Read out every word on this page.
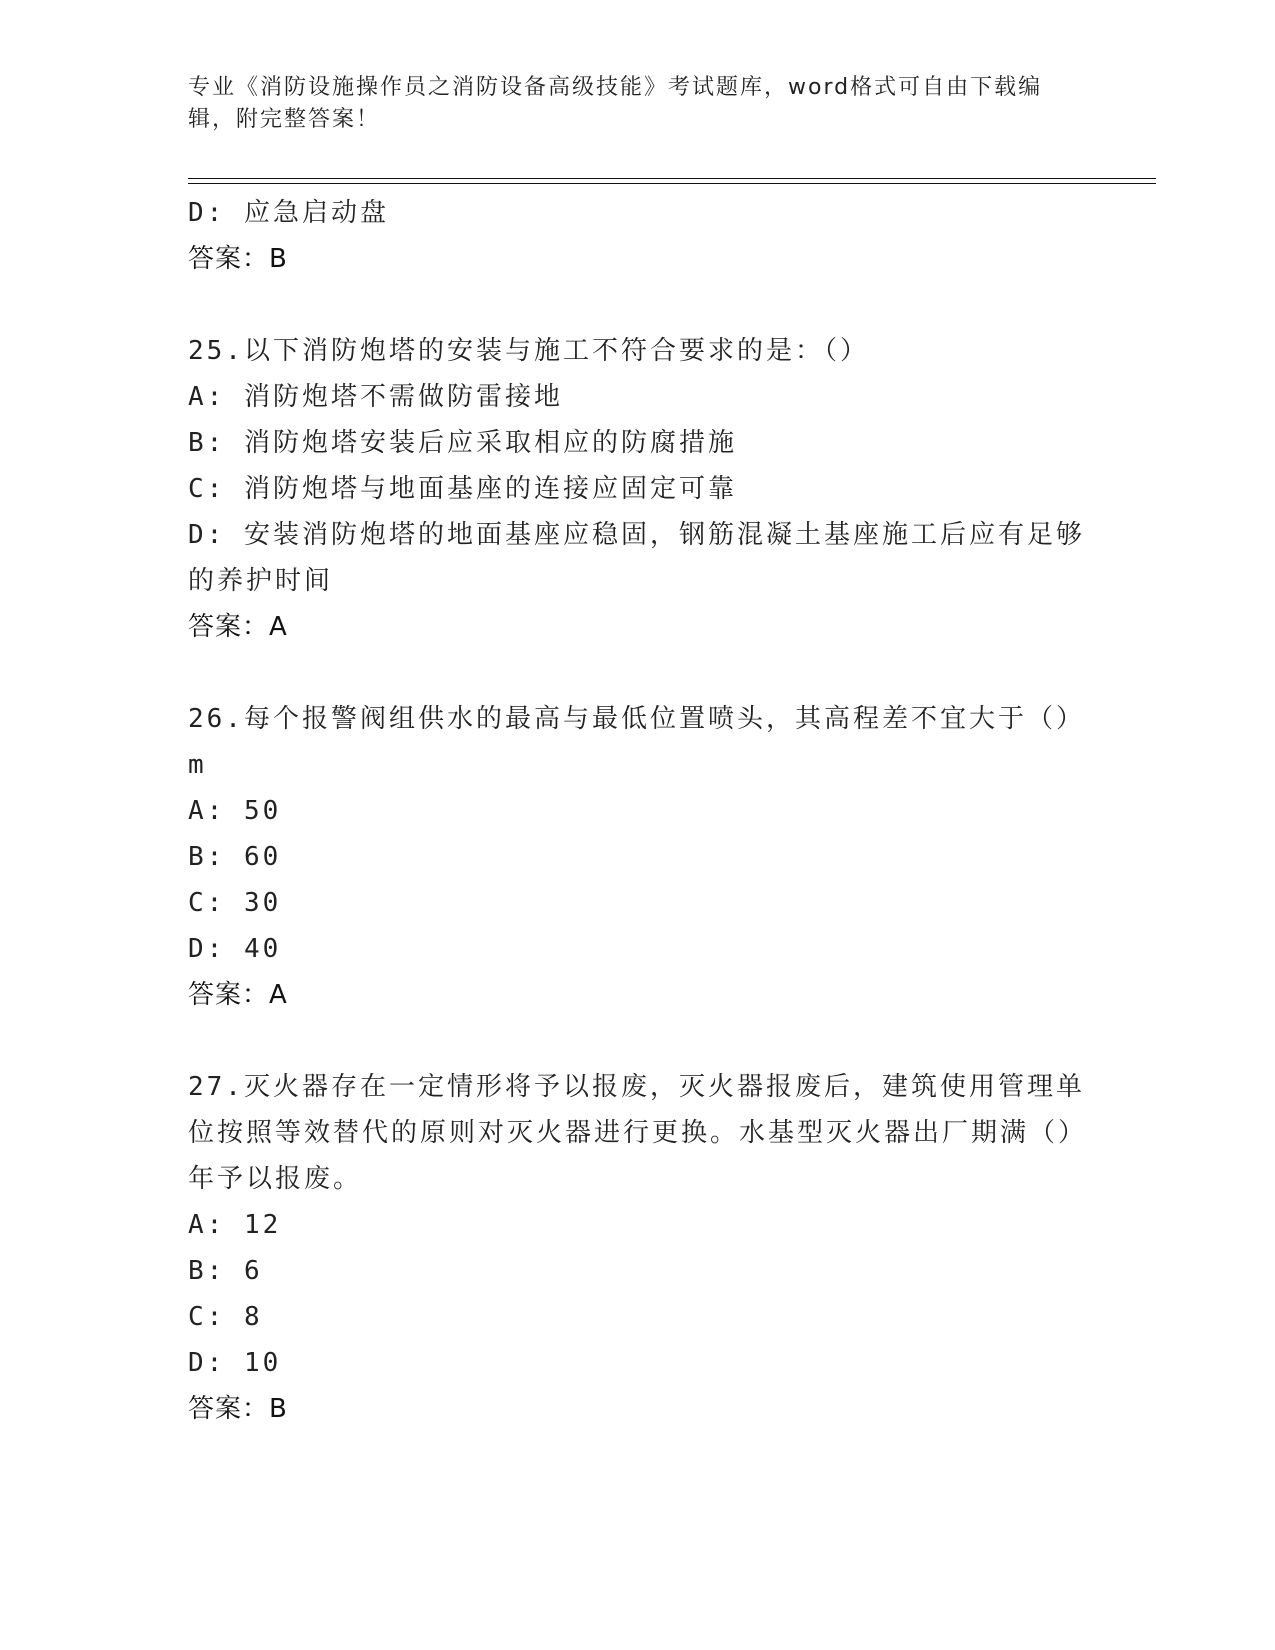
专业《消防设施操作员之消防设备高级技能》考试题库，word格式可自由下载编辑，附完整答案！
D: 应急启动盘
答案：B
25.以下消防炮塔的安装与施工不符合要求的是：（）
A: 消防炮塔不需做防雷接地
B: 消防炮塔安装后应采取相应的防腐措施
C: 消防炮塔与地面基座的连接应固定可靠
D: 安装消防炮塔的地面基座应稳固，钢筋混凝土基座施工后应有足够的养护时间
答案：A
26.每个报警阀组供水的最高与最低位置喷头，其高程差不宜大于（）m
A: 50
B: 60
C: 30
D: 40
答案：A
27.灭火器存在一定情形将予以报废，灭火器报废后，建筑使用管理单位按照等效替代的原则对灭火器进行更换。水基型灭火器出厂期满（）年予以报废。
A: 12
B: 6
C: 8
D: 10
答案：B
